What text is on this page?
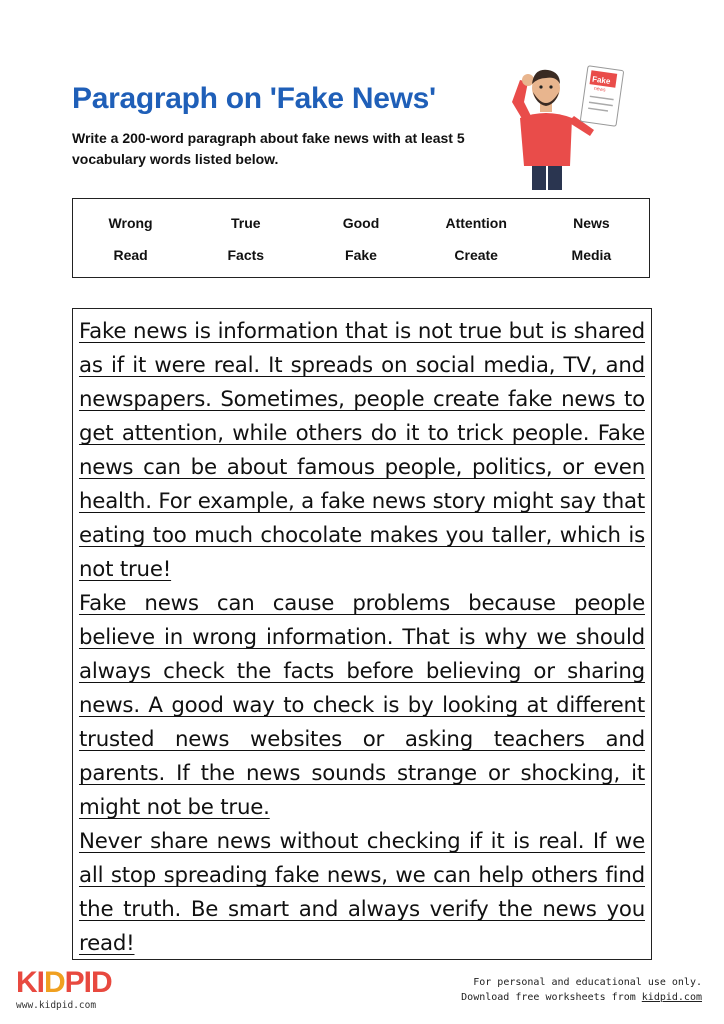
Paragraph on 'Fake News'
Write a 200-word paragraph about fake news with at least 5 vocabulary words listed below.
Fake
news
Wrong	True	Good	Attention	News
Read	Facts	Fake	Create	Media

Fake news is information that is not true but is shared as if it were real. It spreads on social media, TV, and newspapers. Sometimes, people create fake news to get attention, while others do it to trick people. Fake news can be about famous people, politics, or even health. For example, a fake news story might say that eating too much chocolate makes you taller, which is not true!

Fake news can cause problems because people believe in wrong information. That is why we should always check the facts before believing or sharing news. A good way to check is by looking at different trusted news websites or asking teachers and parents. If the news sounds strange or shocking, it might not be true.

Never share news without checking if it is real. If we all stop spreading fake news, we can help others find the truth. Be smart and always verify the news you read!

KIDPID
www.kidpid.com
For personal and educational use only.
Download free worksheets from kidpid.com
